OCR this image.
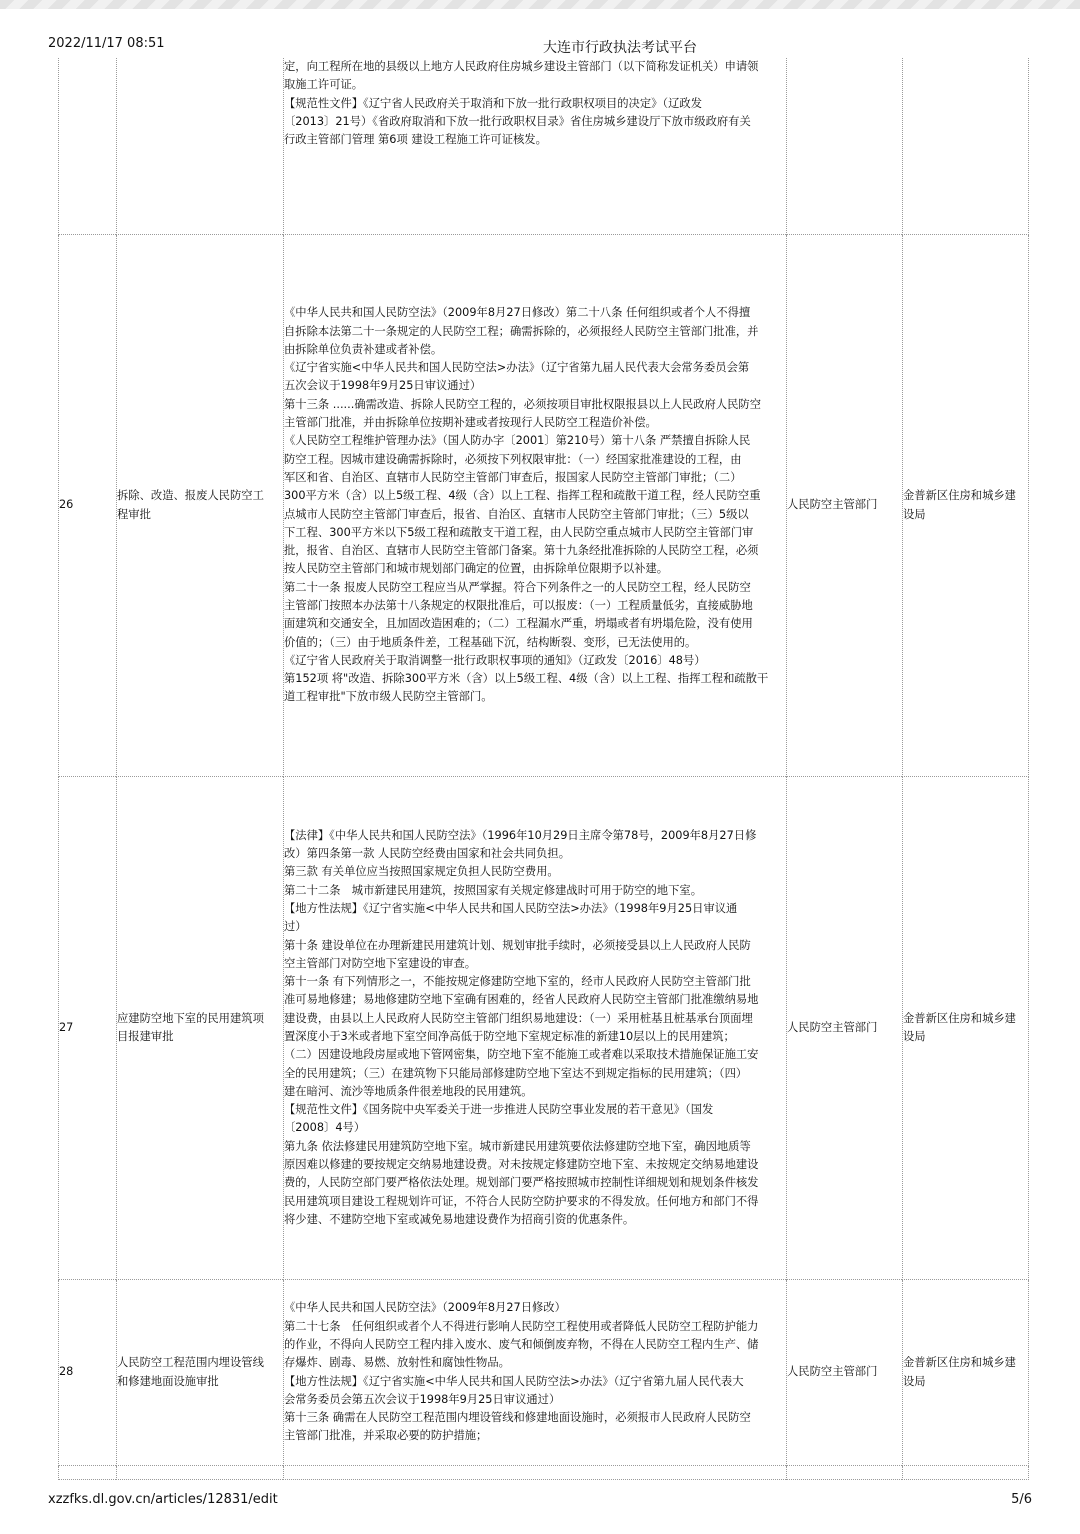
2022/11/17 08:51	大连市行政执法考试平台
定，向工程所在地的县级以上地方人民政府住房城乡建设主管部门（以下简称发证机关）申请领
取施工许可证。
【规范性文件】《辽宁省人民政府关于取消和下放一批行政职权项目的决定》（辽政发
〔2013〕21号）《省政府取消和下放一批行政职权目录》省住房城乡建设厅下放市级政府有关
行政主管部门管理 第6项 建设工程施工许可证核发。
26
拆除、改造、报废人民防空工
程审批
《中华人民共和国人民防空法》（2009年8月27日修改）第二十八条 任何组织或者个人不得擅
自拆除本法第二十一条规定的人民防空工程；确需拆除的，必须报经人民防空主管部门批准，并
由拆除单位负责补建或者补偿。
《辽宁省实施<中华人民共和国人民防空法>办法》（辽宁省第九届人民代表大会常务委员会第
五次会议于1998年9月25日审议通过）
第十三条 ......确需改造、拆除人民防空工程的，必须按项目审批权限报县以上人民政府人民防空
主管部门批准，并由拆除单位按期补建或者按现行人民防空工程造价补偿。
《人民防空工程维护管理办法》（国人防办字〔2001〕第210号）第十八条 严禁擅自拆除人民
防空工程。因城市建设确需拆除时，必须按下列权限审批：（一）经国家批准建设的工程，由
军区和省、自治区、直辖市人民防空主管部门审查后，报国家人民防空主管部门审批；（二）
300平方米（含）以上5级工程、4级（含）以上工程、指挥工程和疏散干道工程，经人民防空重
点城市人民防空主管部门审查后，报省、自治区、直辖市人民防空主管部门审批；（三）5级以
下工程、300平方米以下5级工程和疏散支干道工程，由人民防空重点城市人民防空主管部门审
批，报省、自治区、直辖市人民防空主管部门备案。第十九条经批准拆除的人民防空工程，必须
按人民防空主管部门和城市规划部门确定的位置，由拆除单位限期予以补建。
第二十一条 报废人民防空工程应当从严掌握。符合下列条件之一的人民防空工程，经人民防空
主管部门按照本办法第十八条规定的权限批准后，可以报废：（一）工程质量低劣，直接威胁地
面建筑和交通安全，且加固改造困难的；（二）工程漏水严重，坍塌或者有坍塌危险，没有使用
价值的；（三）由于地质条件差，工程基础下沉，结构断裂、变形，已无法使用的。
《辽宁省人民政府关于取消调整一批行政职权事项的通知》（辽政发〔2016〕48号）
第152项 将"改造、拆除300平方米（含）以上5级工程、4级（含）以上工程、指挥工程和疏散干
道工程审批"下放市级人民防空主管部门。
人民防空主管部门
金普新区住房和城乡建
设局
27
应建防空地下室的民用建筑项
目报建审批
【法律】《中华人民共和国人民防空法》（1996年10月29日主席令第78号，2009年8月27日修
改）第四条第一款 人民防空经费由国家和社会共同负担。
第三款 有关单位应当按照国家规定负担人民防空费用。
第二十二条　城市新建民用建筑，按照国家有关规定修建战时可用于防空的地下室。
【地方性法规】《辽宁省实施<中华人民共和国人民防空法>办法》（1998年9月25日审议通
过）
第十条 建设单位在办理新建民用建筑计划、规划审批手续时，必须接受县以上人民政府人民防
空主管部门对防空地下室建设的审查。
第十一条 有下列情形之一，不能按规定修建防空地下室的，经市人民政府人民防空主管部门批
准可易地修建；易地修建防空地下室确有困难的，经省人民政府人民防空主管部门批准缴纳易地
建设费，由县以上人民政府人民防空主管部门组织易地建设：（一）采用桩基且桩基承台顶面埋
置深度小于3米或者地下室空间净高低于防空地下室规定标准的新建10层以上的民用建筑；
（二）因建设地段房屋或地下管网密集，防空地下室不能施工或者难以采取技术措施保证施工安
全的民用建筑；（三）在建筑物下只能局部修建防空地下室达不到规定指标的民用建筑；（四）
建在暗河、流沙等地质条件很差地段的民用建筑。
【规范性文件】《国务院中央军委关于进一步推进人民防空事业发展的若干意见》（国发
〔2008〕4号）
第九条 依法修建民用建筑防空地下室。城市新建民用建筑要依法修建防空地下室，确因地质等
原因难以修建的要按规定交纳易地建设费。对未按规定修建防空地下室、未按规定交纳易地建设
费的，人民防空部门要严格依法处理。规划部门要严格按照城市控制性详细规划和规划条件核发
民用建筑项目建设工程规划许可证，不符合人民防空防护要求的不得发放。任何地方和部门不得
将少建、不建防空地下室或减免易地建设费作为招商引资的优惠条件。
人民防空主管部门
金普新区住房和城乡建
设局
28
人民防空工程范围内埋设管线
和修建地面设施审批
《中华人民共和国人民防空法》（2009年8月27日修改）
第二十七条　任何组织或者个人不得进行影响人民防空工程使用或者降低人民防空工程防护能力
的作业，不得向人民防空工程内排入废水、废气和倾倒废弃物，不得在人民防空工程内生产、储
存爆炸、剧毒、易燃、放射性和腐蚀性物品。
【地方性法规】《辽宁省实施<中华人民共和国人民防空法>办法》（辽宁省第九届人民代表大
会常务委员会第五次会议于1998年9月25日审议通过）
第十三条 确需在人民防空工程范围内埋设管线和修建地面设施时，必须报市人民政府人民防空
主管部门批准，并采取必要的防护措施；
人民防空主管部门
金普新区住房和城乡建
设局
xzzfks.dl.gov.cn/articles/12831/edit	5/6
